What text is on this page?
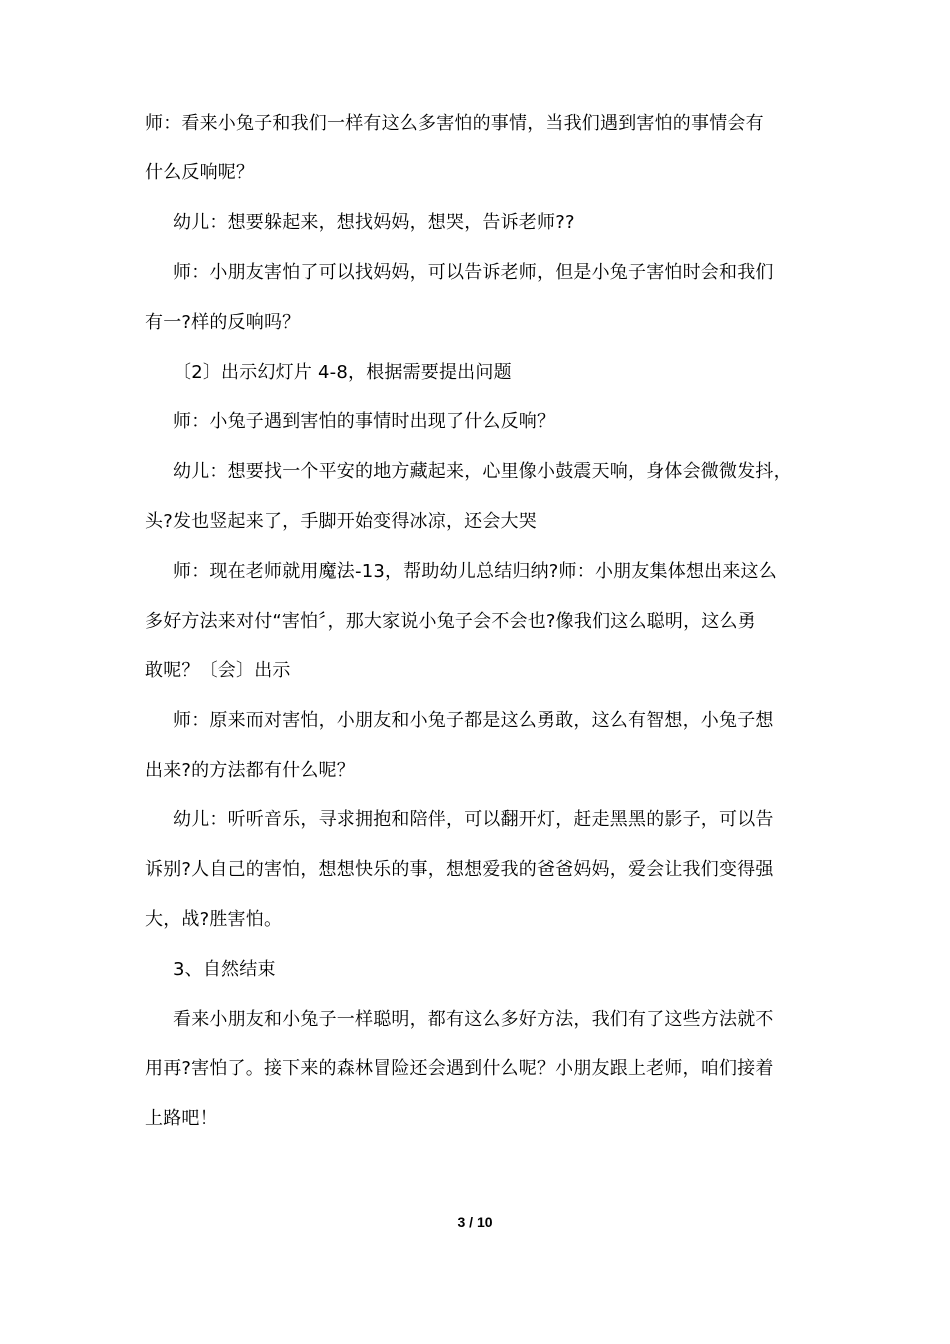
师：看来小兔子和我们一样有这么多害怕的事情，当我们遇到害怕的事情会有
什么反响呢？
幼儿：想要躲起来，想找妈妈，想哭，告诉老师??
师：小朋友害怕了可以找妈妈，可以告诉老师，但是小兔子害怕时会和我们
有一?样的反响吗？
〔2〕出示幻灯片 4-8，根据需要提出问题
师：小兔子遇到害怕的事情时出现了什么反响？
幼儿：想要找一个平安的地方藏起来，心里像小鼓震天响，身体会微微发抖，
头?发也竖起来了，手脚开始变得冰凉，还会大哭
师：现在老师就用魔法-13，帮助幼儿总结归纳?师：小朋友集体想出来这么
多好方法来对付“害怕〞，那大家说小兔子会不会也?像我们这么聪明，这么勇
敢呢？〔会〕出示
师：原来而对害怕，小朋友和小兔子都是这么勇敢，这么有智想，小兔子想
出来?的方法都有什么呢？
幼儿：听听音乐，寻求拥抱和陪伴，可以翻开灯，赶走黑黑的影子，可以告
诉别?人自己的害怕，想想快乐的事，想想爱我的爸爸妈妈，爱会让我们变得强
大，战?胜害怕。
3、自然结束
看来小朋友和小兔子一样聪明，都有这么多好方法，我们有了这些方法就不
用再?害怕了。接下来的森林冒险还会遇到什么呢？小朋友跟上老师，咱们接着
上路吧！
3 / 10
